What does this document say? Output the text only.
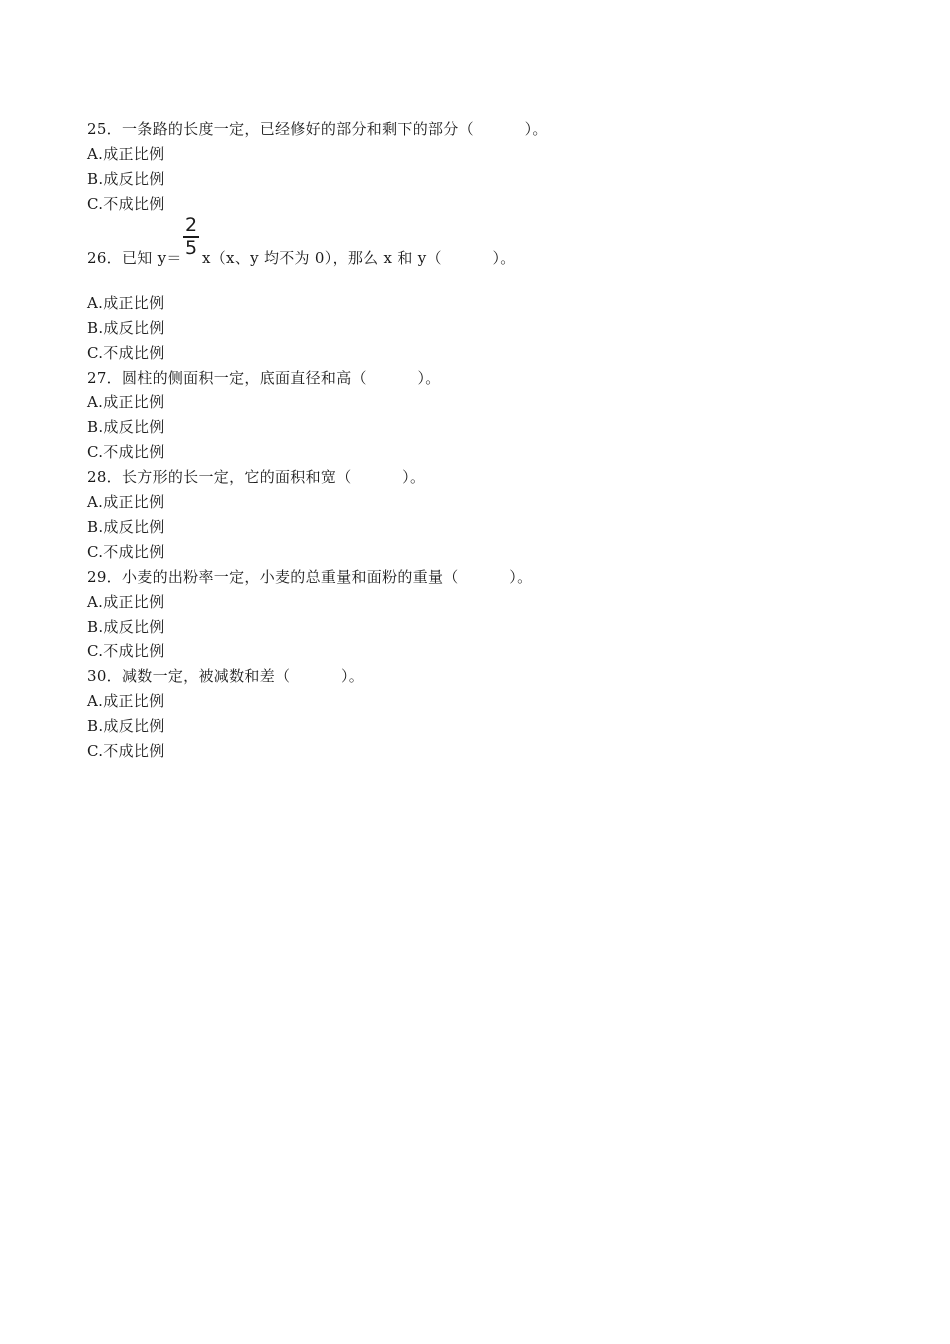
25．一条路的长度一定，已经修好的部分和剩下的部分（          ）。
A.成正比例
B.成反比例
C.不成比例
26．已知 y＝
2
5 x（x、y 均不为 0），那么 x 和 y（          ）。
A.成正比例
B.成反比例
C.不成比例
27．圆柱的侧面积一定，底面直径和高（          ）。
A.成正比例
B.成反比例
C.不成比例
28．长方形的长一定，它的面积和宽（          ）。
A.成正比例
B.成反比例
C.不成比例
29．小麦的出粉率一定，小麦的总重量和面粉的重量（          ）。
A.成正比例
B.成反比例
C.不成比例
30．减数一定，被减数和差（          ）。
A.成正比例
B.成反比例
C.不成比例
